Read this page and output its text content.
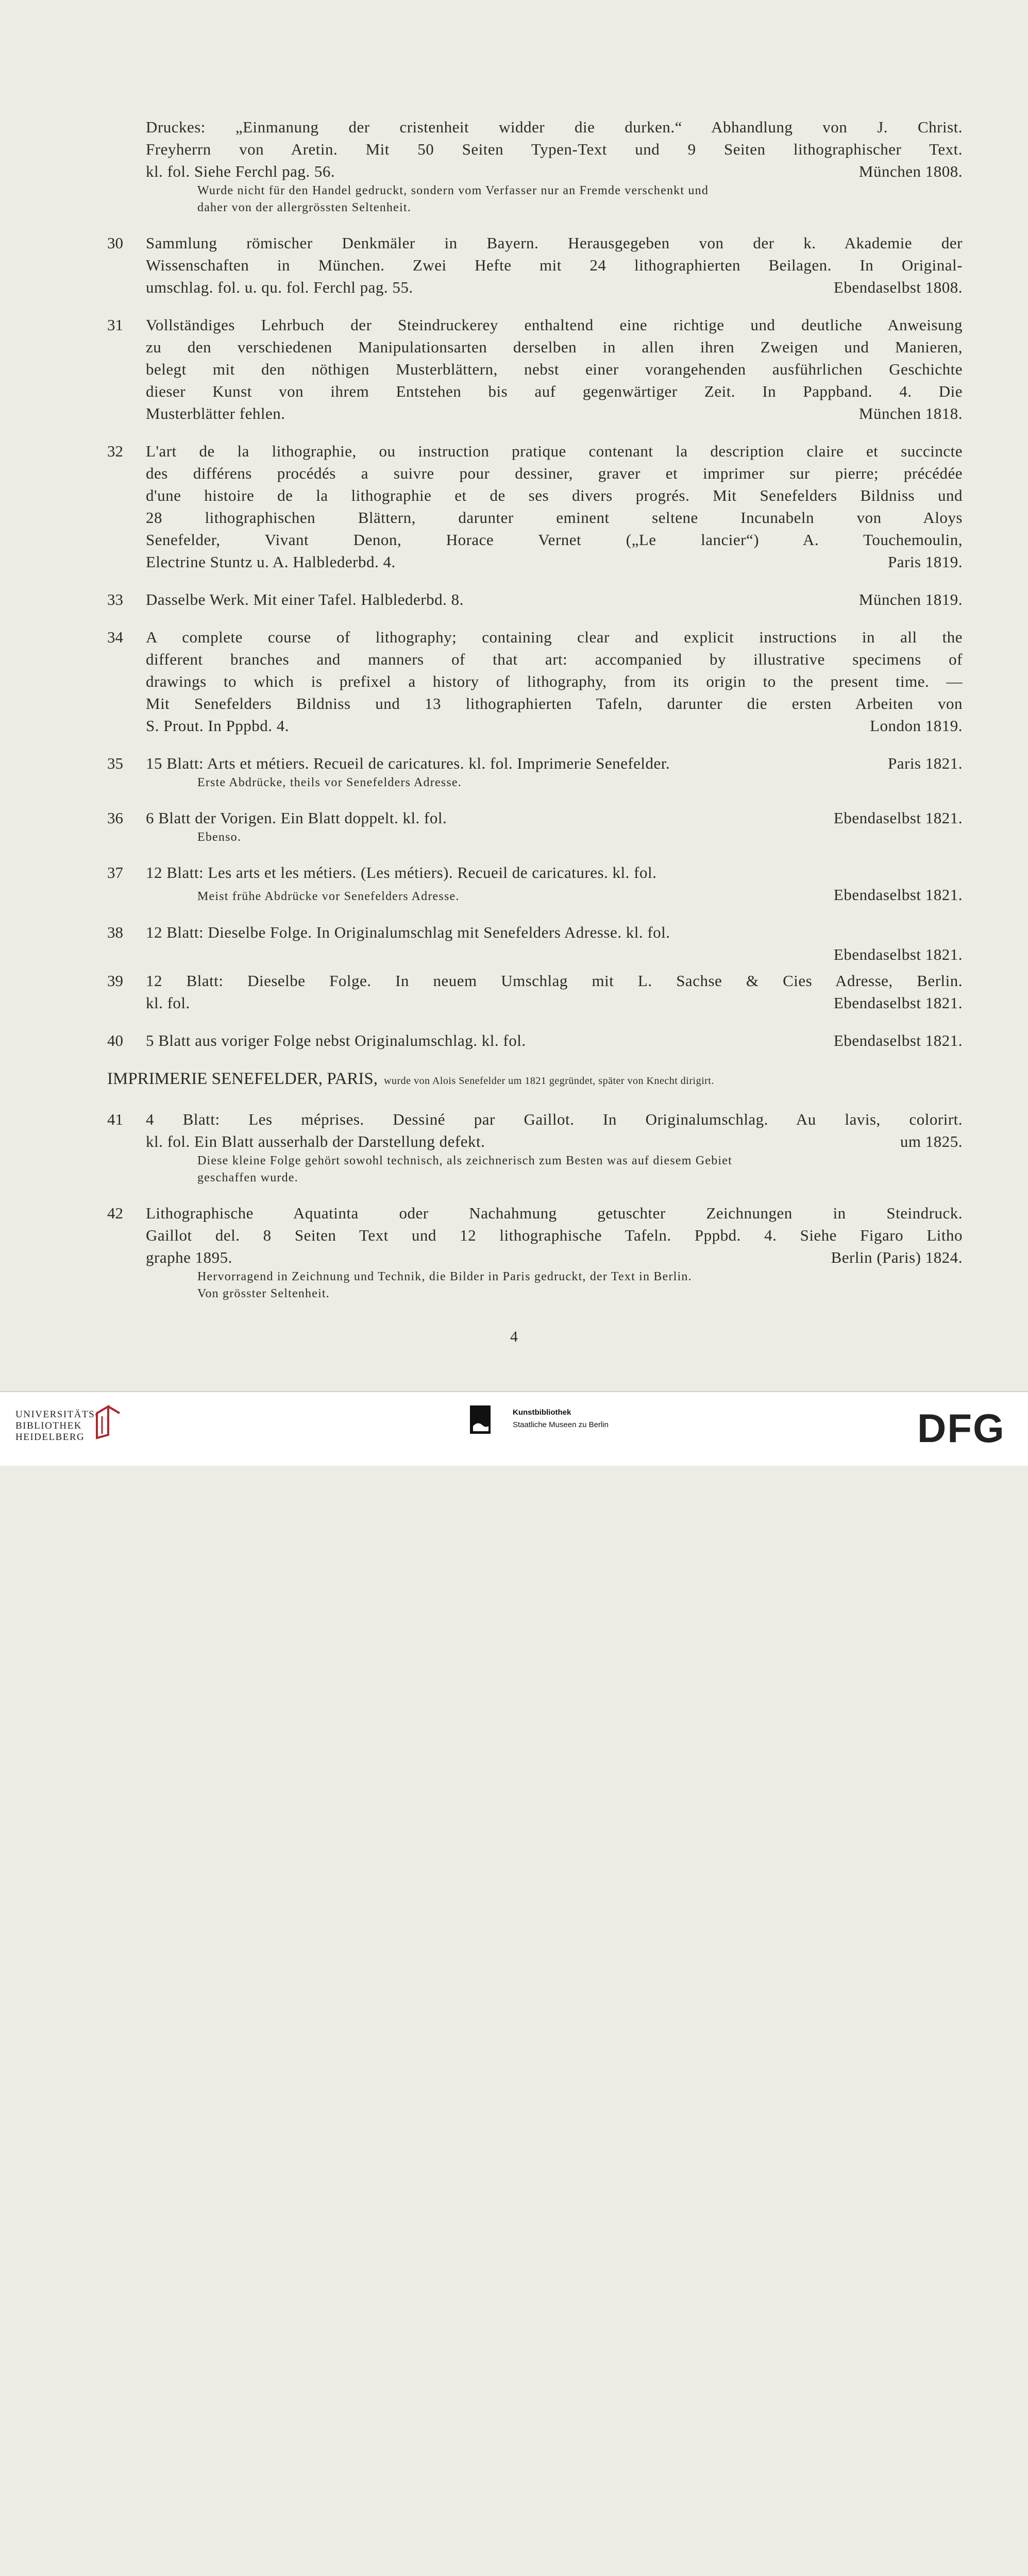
Druckes: „Einmanung der cristenheit widder die durken.“ Abhandlung von J. Christ.
Freyherrn von Aretin. Mit 50 Seiten Typen-Text und 9 Seiten lithographischer Text.
kl. fol. Siehe Ferchl pag. 56.	München 1808.
Wurde nicht für den Handel gedruckt, sondern vom Verfasser nur an Fremde verschenkt und
daher von der allergrössten Seltenheit.
30	Sammlung römischer Denkmäler in Bayern. Herausgegeben von der k. Akademie der
Wissenschaften in München. Zwei Hefte mit 24 lithographierten Beilagen. In Original-
umschlag. fol. u. qu. fol. Ferchl pag. 55.	Ebendaselbst 1808.
31	Vollständiges Lehrbuch der Steindruckerey enthaltend eine richtige und deutliche Anweisung
zu den verschiedenen Manipulationsarten derselben in allen ihren Zweigen und Manieren,
belegt mit den nöthigen Musterblättern, nebst einer vorangehenden ausführlichen Geschichte
dieser Kunst von ihrem Entstehen bis auf gegenwärtiger Zeit. In Pappband. 4. Die
Musterblätter fehlen.	München 1818.
32	L'art de la lithographie, ou instruction pratique contenant la description claire et succincte
des différens procédés a suivre pour dessiner, graver et imprimer sur pierre; précédée
d'une histoire de la lithographie et de ses divers progrés. Mit Senefelders Bildniss und
28 lithographischen Blättern, darunter eminent seltene Incunabeln von Aloys
Senefelder, Vivant Denon, Horace Vernet („Le lancier“) A. Touchemoulin,
Electrine Stuntz u. A. Halblederbd. 4.	Paris 1819.
33	Dasselbe Werk. Mit einer Tafel. Halblederbd. 8.	München 1819.
34	A complete course of lithography; containing clear and explicit instructions in all the
different branches and manners of that art: accompanied by illustrative specimens of
drawings to which is prefixel a history of lithography, from its origin to the present time. —
Mit Senefelders Bildniss und 13 lithographierten Tafeln, darunter die ersten Arbeiten von
S. Prout. In Pppbd. 4.	London 1819.
35	15 Blatt: Arts et métiers. Recueil de caricatures. kl. fol. Imprimerie Senefelder.	Paris 1821.
Erste Abdrücke, theils vor Senefelders Adresse.
36	6 Blatt der Vorigen. Ein Blatt doppelt. kl. fol.	Ebendaselbst 1821.
Ebenso.
37	12 Blatt: Les arts et les métiers. (Les métiers). Recueil de caricatures. kl. fol.
Meist frühe Abdrücke vor Senefelders Adresse.	Ebendaselbst 1821.
38	12 Blatt: Dieselbe Folge. In Originalumschlag mit Senefelders Adresse. kl. fol.
Ebendaselbst 1821.
39	12 Blatt: Dieselbe Folge. In neuem Umschlag mit L. Sachse & Cies Adresse, Berlin.
kl. fol.	Ebendaselbst 1821.
40	5 Blatt aus voriger Folge nebst Originalumschlag. kl. fol.	Ebendaselbst 1821.
IMPRIMERIE SENEFELDER, PARIS, wurde von Alois Senefelder um 1821 gegründet, später von Knecht dirigirt.
41	4 Blatt: Les méprises. Dessiné par Gaillot. In Originalumschlag. Au lavis, colorirt.
kl. fol. Ein Blatt ausserhalb der Darstellung defekt.	um 1825.
Diese kleine Folge gehört sowohl technisch, als zeichnerisch zum Besten was auf diesem Gebiet
geschaffen wurde.
42	Lithographische Aquatinta oder Nachahmung getuschter Zeichnungen in Steindruck.
Gaillot del. 8 Seiten Text und 12 lithographische Tafeln. Pppbd. 4. Siehe Figaro Litho
graphe 1895.	Berlin (Paris) 1824.
Hervorragend in Zeichnung und Technik, die Bilder in Paris gedruckt, der Text in Berlin.
Von grösster Seltenheit.
4
UNIVERSITÄTS-
BIBLIOTHEK
HEIDELBERG
Kunstbibliothek
Staatliche Museen zu Berlin	DFG
